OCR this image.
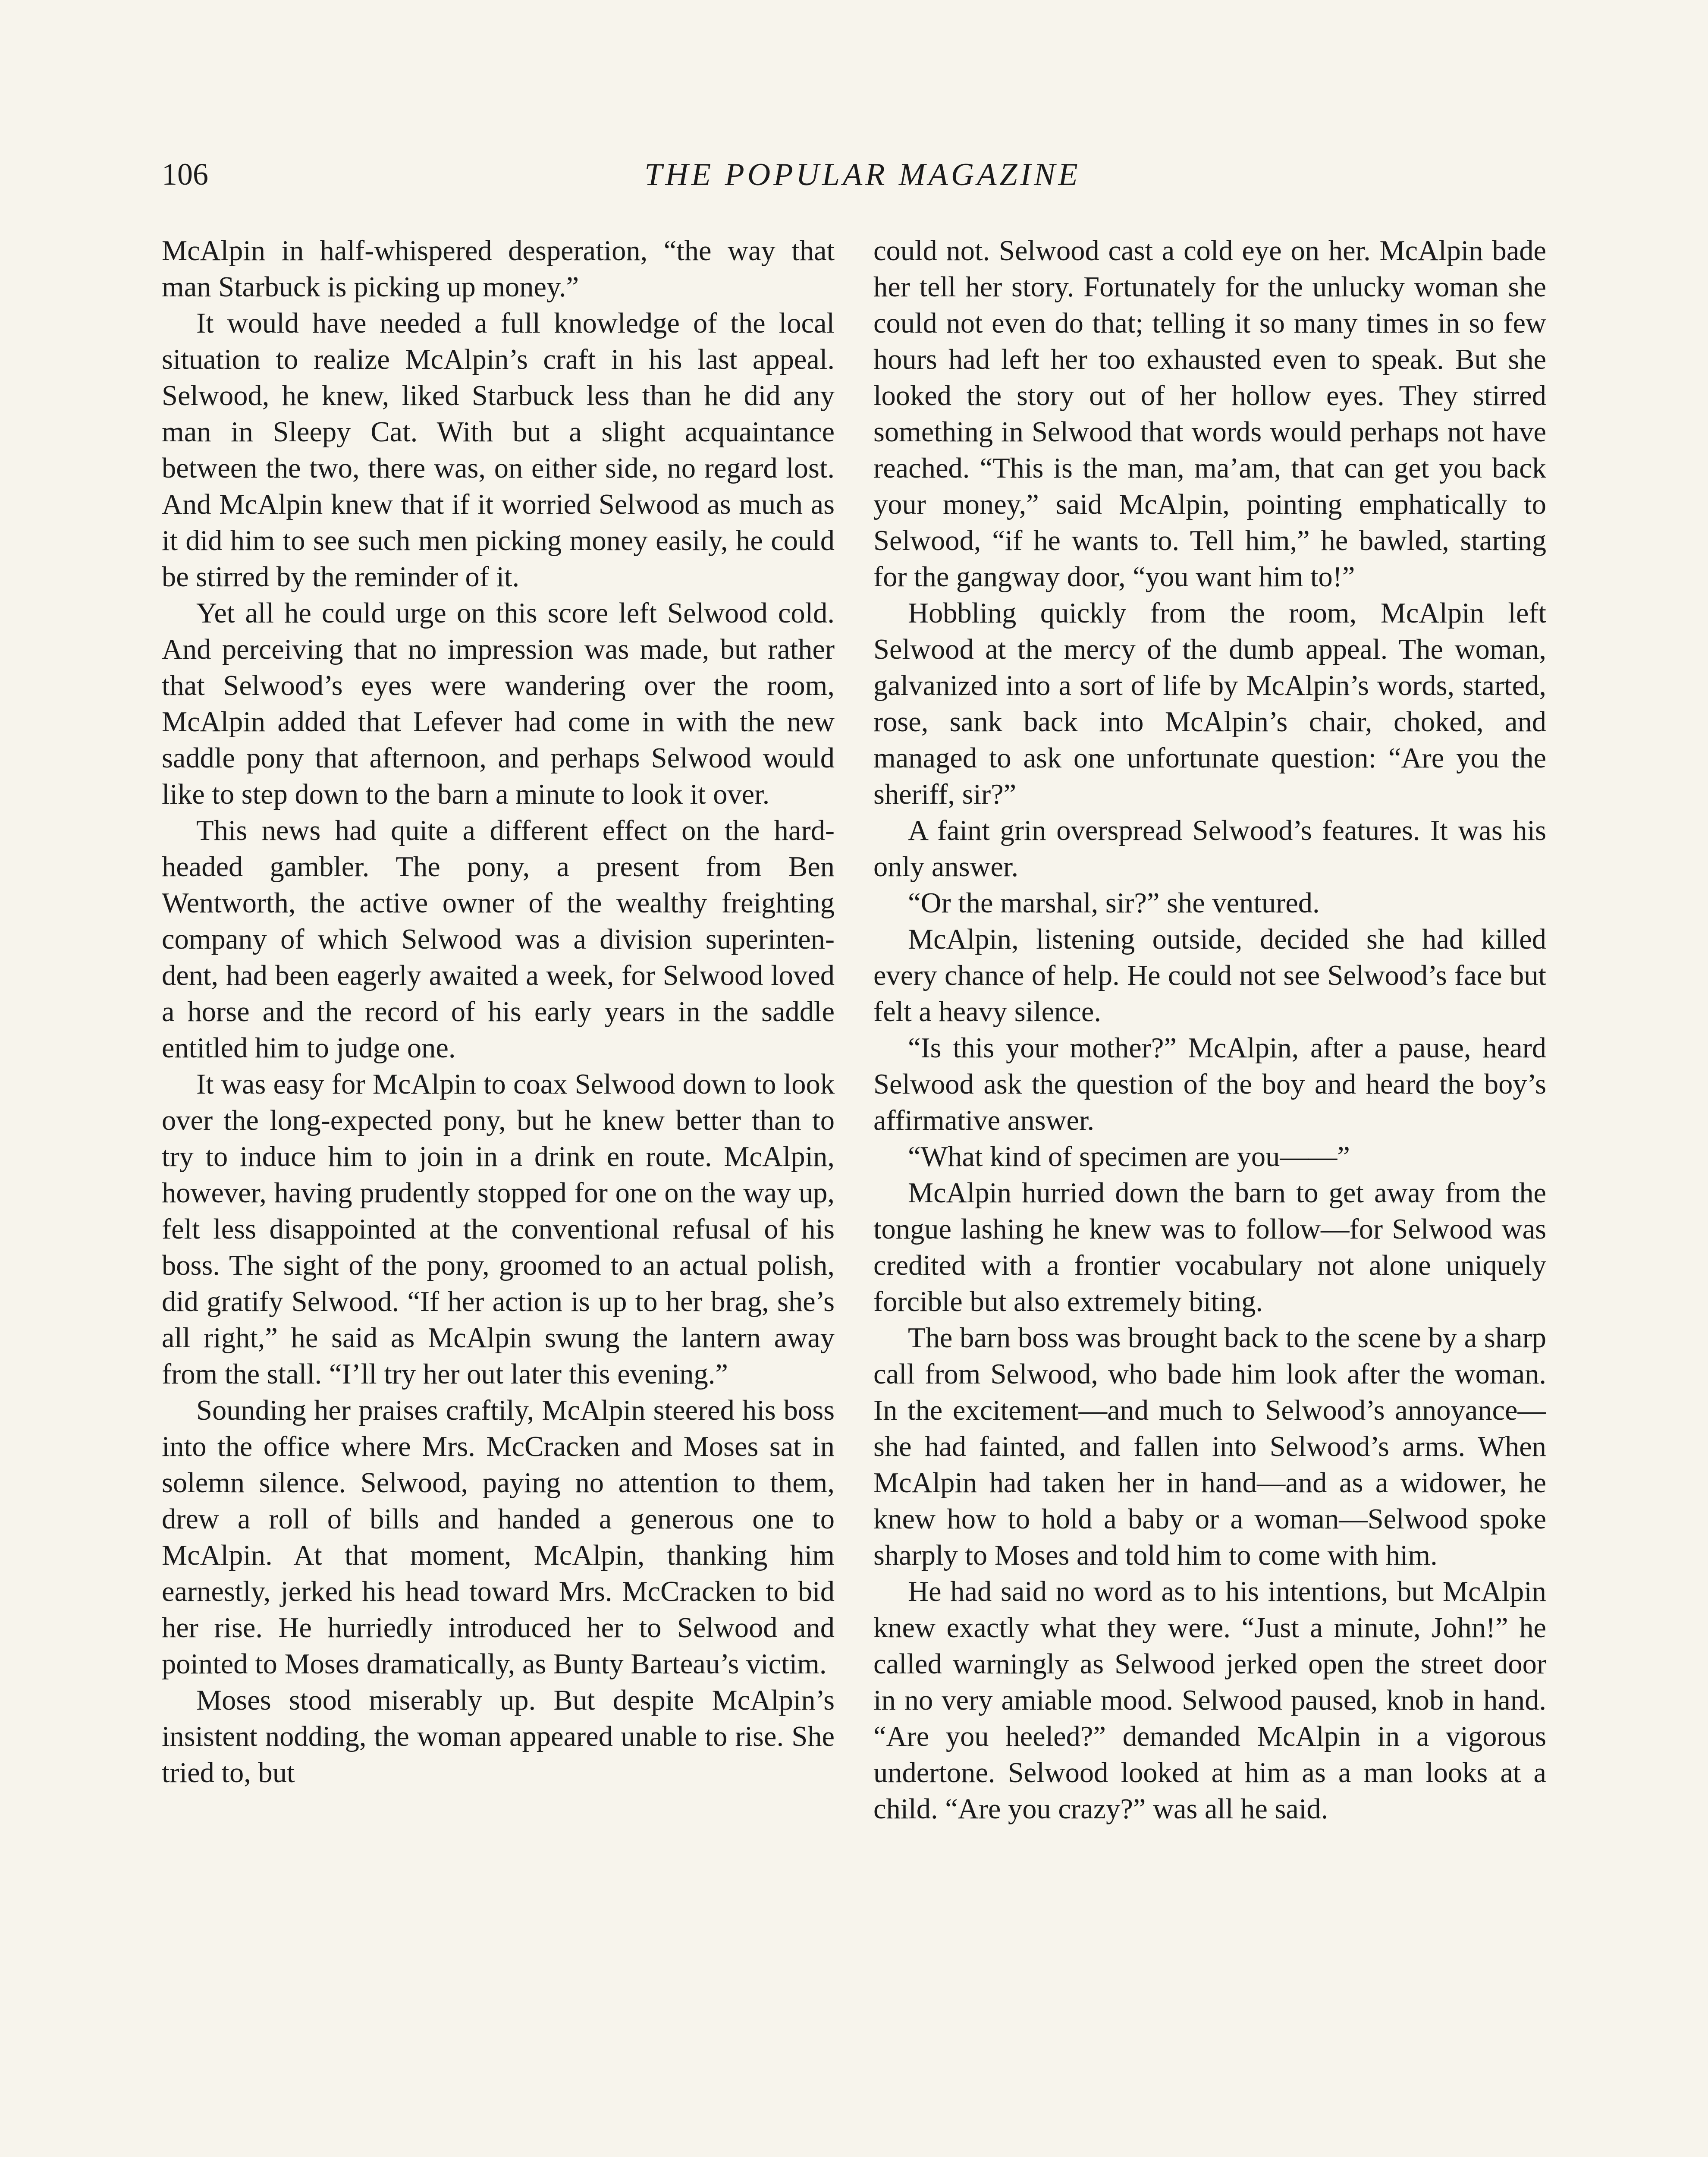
106	THE POPULAR MAGAZINE

McAlpin in half-whispered desperation, “the way that man Starbuck is picking up money.”

It would have needed a full knowledge of the local situation to realize McAlpin’s craft in his last appeal. Selwood, he knew, liked Starbuck less than he did any man in Sleepy Cat. With but a slight acquaintance between the two, there was, on either side, no regard lost. And McAlpin knew that if it worried Selwood as much as it did him to see such men picking money easily, he could be stirred by the reminder of it.

Yet all he could urge on this score left Selwood cold. And perceiving that no impression was made, but rather that Selwood’s eyes were wandering over the room, McAlpin added that Lefever had come in with the new saddle pony that afternoon, and perhaps Selwood would like to step down to the barn a minute to look it over.

This news had quite a different effect on the hard-headed gambler. The pony, a present from Ben Wentworth, the active owner of the wealthy freighting company of which Selwood was a division superintendent, had been eagerly awaited a week, for Selwood loved a horse and the record of his early years in the saddle entitled him to judge one.

It was easy for McAlpin to coax Selwood down to look over the long-expected pony, but he knew better than to try to induce him to join in a drink en route. McAlpin, however, having prudently stopped for one on the way up, felt less disappointed at the conventional refusal of his boss. The sight of the pony, groomed to an actual polish, did gratify Selwood. “If her action is up to her brag, she’s all right,” he said as McAlpin swung the lantern away from the stall. “I’ll try her out later this evening.”

Sounding her praises craftily, McAlpin steered his boss into the office where Mrs. McCracken and Moses sat in solemn silence. Selwood, paying no attention to them, drew a roll of bills and handed a generous one to McAlpin. At that moment, McAlpin, thanking him earnestly, jerked his head toward Mrs. McCracken to bid her rise. He hurriedly introduced her to Selwood and pointed to Moses dramatically, as Bunty Barteau’s victim.

Moses stood miserably up. But despite McAlpin’s insistent nodding, the woman appeared unable to rise. She tried to, but

could not. Selwood cast a cold eye on her. McAlpin bade her tell her story. Fortunately for the unlucky woman she could not even do that; telling it so many times in so few hours had left her too exhausted even to speak. But she looked the story out of her hollow eyes. They stirred something in Selwood that words would perhaps not have reached. “This is the man, ma’am, that can get you back your money,” said McAlpin, pointing emphatically to Selwood, “if he wants to. Tell him,” he bawled, starting for the gangway door, “you want him to!”

Hobbling quickly from the room, McAlpin left Selwood at the mercy of the dumb appeal. The woman, galvanized into a sort of life by McAlpin’s words, started, rose, sank back into McAlpin’s chair, choked, and managed to ask one unfortunate question: “Are you the sheriff, sir?”

A faint grin overspread Selwood’s features. It was his only answer.

“Or the marshal, sir?” she ventured.

McAlpin, listening outside, decided she had killed every chance of help. He could not see Selwood’s face but felt a heavy silence.

“Is this your mother?” McAlpin, after a pause, heard Selwood ask the question of the boy and heard the boy’s affirmative answer.

“What kind of specimen are you——”

McAlpin hurried down the barn to get away from the tongue lashing he knew was to follow—for Selwood was credited with a frontier vocabulary not alone uniquely forcible but also extremely biting.

The barn boss was brought back to the scene by a sharp call from Selwood, who bade him look after the woman. In the excitement—and much to Selwood’s annoyance—she had fainted, and fallen into Selwood’s arms. When McAlpin had taken her in hand—and as a widower, he knew how to hold a baby or a woman—Selwood spoke sharply to Moses and told him to come with him.

He had said no word as to his intentions, but McAlpin knew exactly what they were. “Just a minute, John!” he called warningly as Selwood jerked open the street door in no very amiable mood. Selwood paused, knob in hand. “Are you heeled?” demanded McAlpin in a vigorous undertone. Selwood looked at him as a man looks at a child. “Are you crazy?” was all he said.
